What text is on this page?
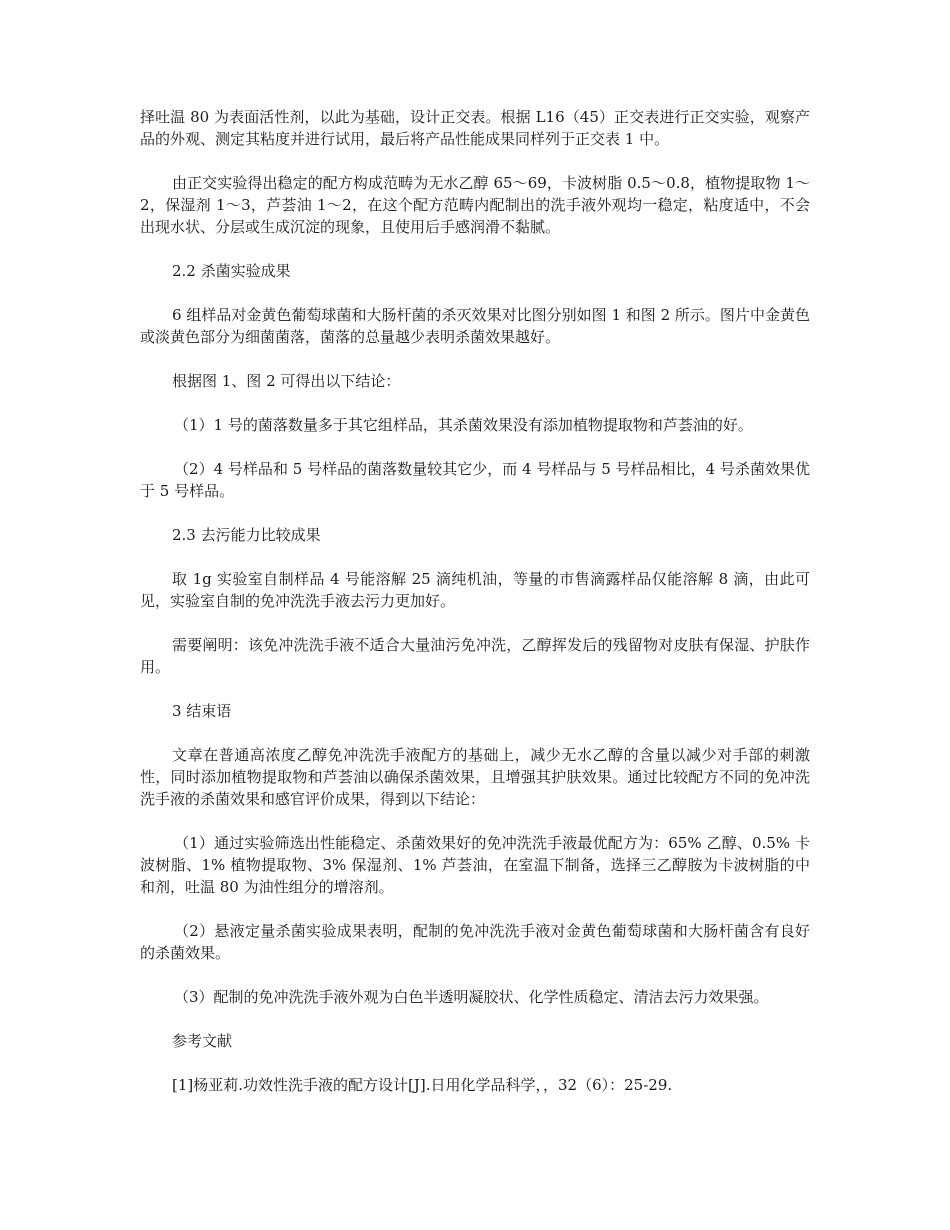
择吐温 80 为表面活性剂，以此为基础，设计正交表。根据 L16（45）正交表进行正交实验，观察产品的外观、测定其粘度并进行试用，最后将产品性能成果同样列于正交表 1 中。

由正交实验得出稳定的配方构成范畴为无水乙醇 65～69，卡波树脂 0.5～0.8，植物提取物 1～2，保湿剂 1～3，芦荟油 1～2，在这个配方范畴内配制出的洗手液外观均一稳定，粘度适中，不会出现水状、分层或生成沉淀的现象，且使用后手感润滑不黏腻。

2.2 杀菌实验成果

6 组样品对金黄色葡萄球菌和大肠杆菌的杀灭效果对比图分别如图 1 和图 2 所示。图片中金黄色或淡黄色部分为细菌菌落，菌落的总量越少表明杀菌效果越好。

根据图 1、图 2 可得出以下结论：

（1）1 号的菌落数量多于其它组样品，其杀菌效果没有添加植物提取物和芦荟油的好。

（2）4 号样品和 5 号样品的菌落数量较其它少，而 4 号样品与 5 号样品相比，4 号杀菌效果优于 5 号样品。

2.3 去污能力比较成果

取 1g 实验室自制样品 4 号能溶解 25 滴纯机油，等量的市售滴露样品仅能溶解 8 滴，由此可见，实验室自制的免冲洗洗手液去污力更加好。

需要阐明：该免冲洗洗手液不适合大量油污免冲洗，乙醇挥发后的残留物对皮肤有保湿、护肤作用。

3 结束语

文章在普通高浓度乙醇免冲洗洗手液配方的基础上，减少无水乙醇的含量以减少对手部的刺激性，同时添加植物提取物和芦荟油以确保杀菌效果，且增强其护肤效果。通过比较配方不同的免冲洗洗手液的杀菌效果和感官评价成果，得到以下结论：

（1）通过实验筛选出性能稳定、杀菌效果好的免冲洗洗手液最优配方为：65% 乙醇、0.5% 卡波树脂、1% 植物提取物、3% 保湿剂、1% 芦荟油，在室温下制备，选择三乙醇胺为卡波树脂的中和剂，吐温 80 为油性组分的增溶剂。

（2）悬液定量杀菌实验成果表明，配制的免冲洗洗手液对金黄色葡萄球菌和大肠杆菌含有良好的杀菌效果。

（3）配制的免冲洗洗手液外观为白色半透明凝胶状、化学性质稳定、清洁去污力效果强。

参考文献

[1]杨亚莉.功效性洗手液的配方设计[J].日用化学品科学，，32（6）：25-29.
